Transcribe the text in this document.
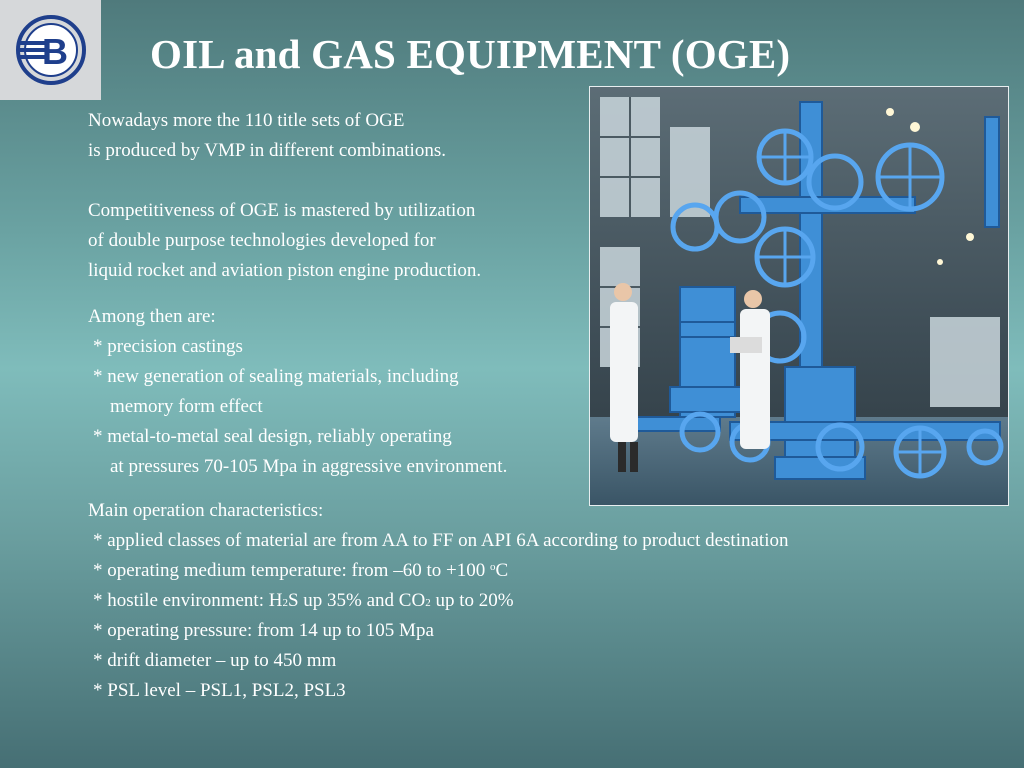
B OIL and GAS EQUIPMENT (OGE)
Nowadays more the 110 title sets of OGE
is produced by VMP in different combinations.
Competitiveness of OGE is mastered by utilization
of double purpose technologies developed for
liquid rocket and aviation piston engine production.
Among then are:
* precision castings
* new generation of sealing materials, including
memory form effect
* metal-to-metal seal design, reliably operating
at pressures 70-105 Mpa in aggressive environment.
Main operation characteristics:
* applied classes of material are from AA to FF on API 6A according to product destination
* operating medium temperature: from –60 to +100 $^o$C
* hostile environment: H2S up 35% and CO2 up to 20%
* operating pressure: from 14 up to 105 Mpa
* drift diameter – up to 450 mm
* PSL level – PSL1, PSL2, PSL3
